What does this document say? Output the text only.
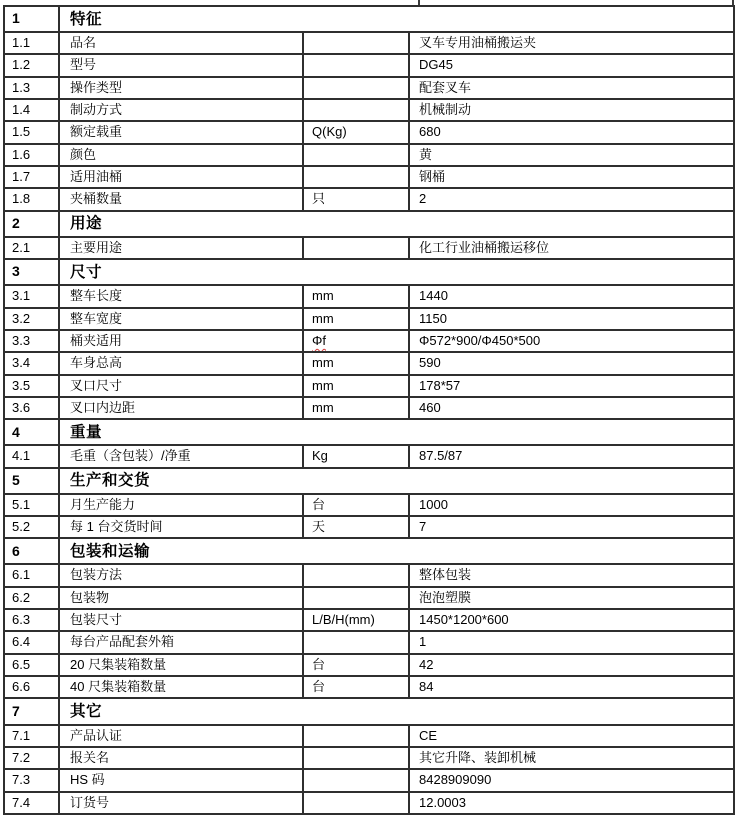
1	特征		
1.1	品名		叉车专用油桶搬运夹
1.2	型号		DG45
1.3	操作类型		配套叉车
1.4	制动方式		机械制动
1.5	额定载重	Q(Kg)	680
1.6	颜色		黄
1.7	适用油桶		钢桶
1.8	夹桶数量	只	2
2	用途		
2.1	主要用途		化工行业油桶搬运移位
3	尺寸		
3.1	整车长度	mm	1440
3.2	整车宽度	mm	1150
3.3	桶夹适用	Φf	Φ572*900/Φ450*500
3.4	车身总高	mm	590
3.5	叉口尺寸	mm	178*57
3.6	叉口内边距	mm	460
4	重量		
4.1	毛重（含包装）/净重	Kg	87.5/87
5	生产和交货		
5.1	月生产能力	台	1000
5.2	每 1 台交货时间	天	7
6	包装和运输		
6.1	包装方法		整体包装
6.2	包装物		泡泡塑膜
6.3	包装尺寸	L/B/H(mm)	1450*1200*600
6.4	每台产品配套外箱		1
6.5	20 尺集装箱数量	台	42
6.6	40 尺集装箱数量	台	84
7	其它		
7.1	产品认证		CE
7.2	报关名		其它升降、装卸机械
7.3	HS 码		8428909090
7.4	订货号		12.0003
